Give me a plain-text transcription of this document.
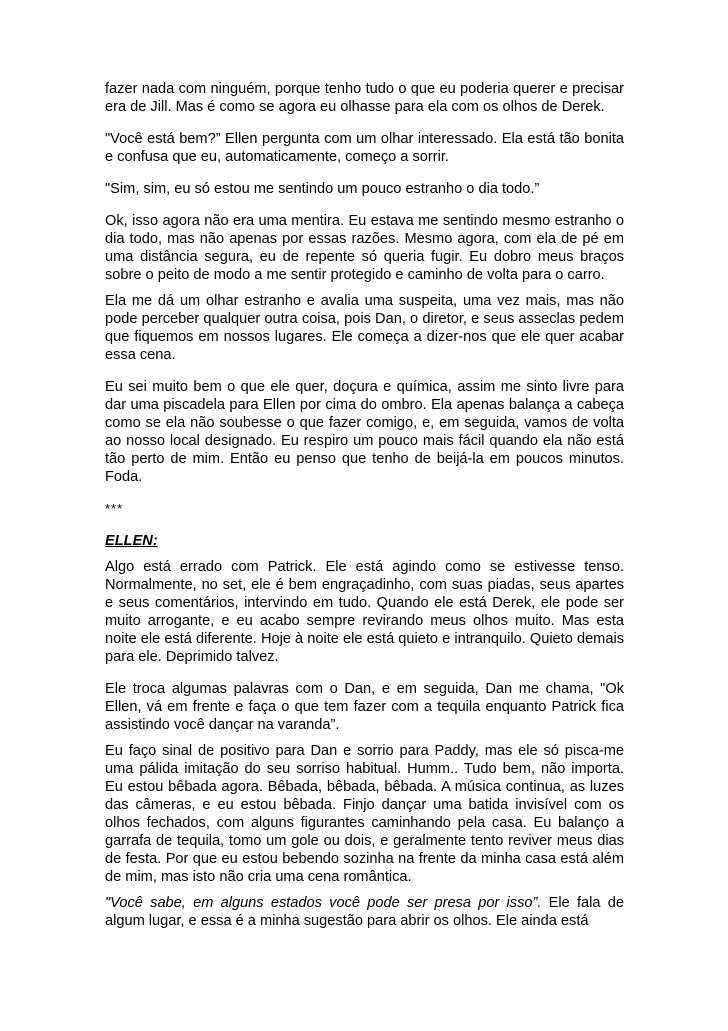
fazer nada com ninguém, porque tenho tudo o que eu poderia querer e precisar era de Jill. Mas é como se agora eu olhasse para ela com os olhos de Derek.

"Você está bem?” Ellen pergunta com um olhar interessado. Ela está tão bonita e confusa que eu, automaticamente, começo a sorrir.

"Sim, sim, eu só estou me sentindo um pouco estranho o dia todo.”

Ok, isso agora não era uma mentira. Eu estava me sentindo mesmo estranho o dia todo, mas não apenas por essas razões. Mesmo agora, com ela de pé em uma distância segura, eu de repente só queria fugir. Eu dobro meus braços sobre o peito de modo a me sentir protegido e caminho de volta para o carro.

Ela me dá um olhar estranho e avalia uma suspeita, uma vez mais, mas não pode perceber qualquer outra coisa, pois Dan, o diretor, e seus asseclas pedem que fiquemos em nossos lugares. Ele começa a dizer-nos que ele quer acabar essa cena.

Eu sei muito bem o que ele quer, doçura e química, assim me sinto livre para dar uma piscadela para Ellen por cima do ombro. Ela apenas balança a cabeça como se ela não soubesse o que fazer comigo, e, em seguida, vamos de volta ao nosso local designado. Eu respiro um pouco mais fácil quando ela não está tão perto de mim. Então eu penso que tenho de beijá-la em poucos minutos. Foda.

***

ELLEN:

Algo está errado com Patrick. Ele está agindo como se estivesse tenso. Normalmente, no set, ele é bem engraçadinho, com suas piadas, seus apartes e seus comentários, intervindo em tudo. Quando ele está Derek, ele pode ser muito arrogante, e eu acabo sempre revirando meus olhos muito. Mas esta noite ele está diferente. Hoje à noite ele está quieto e intranquilo. Quieto demais para ele. Deprimido talvez.

Ele troca algumas palavras com o Dan, e em seguida, Dan me chama, "Ok Ellen, vá em frente e faça o que tem fazer com a tequila enquanto Patrick fica assistindo você dançar na varanda”.

Eu faço sinal de positivo para Dan e sorrio para Paddy, mas ele só pisca-me uma pálida imitação do seu sorriso habitual. Humm.. Tudo bem, não importa. Eu estou bêbada agora. Bêbada, bêbada, bêbada. A música continua, as luzes das câmeras, e eu estou bêbada. Finjo dançar uma batida invisível com os olhos fechados, com alguns figurantes caminhando pela casa. Eu balanço a garrafa de tequila, tomo um gole ou dois, e geralmente tento reviver meus dias de festa. Por que eu estou bebendo sozinha na frente da minha casa está além de mim, mas isto não cria uma cena romântica.

"Você sabe, em alguns estados você pode ser presa por isso”. Ele fala de algum lugar, e essa é a minha sugestão para abrir os olhos. Ele ainda está
